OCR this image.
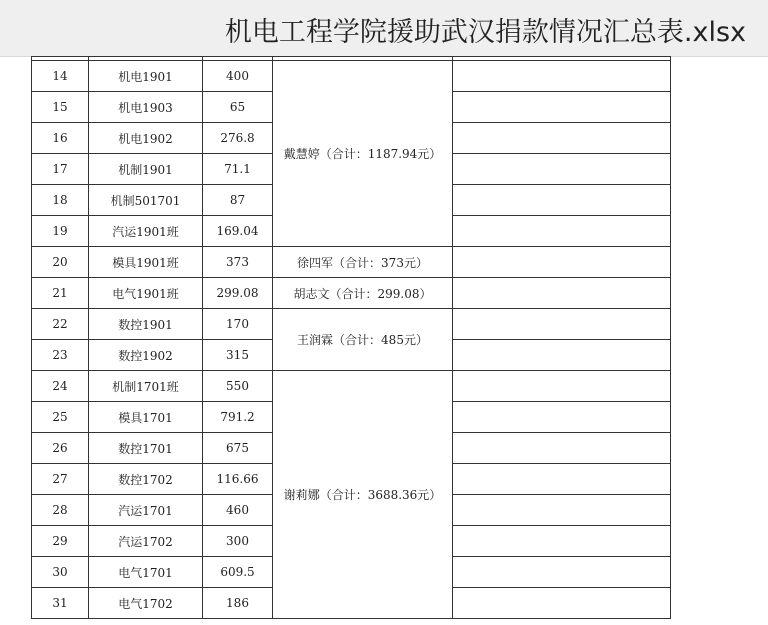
机电工程学院援助武汉捐款情况汇总表.xlsx

14	机电1901	400	戴慧婷（合计：1187.94元）	
15	机电1903	65		
16	机电1902	276.8		
17	机制1901	71.1		
18	机制501701	87		
19	汽运1901班	169.04		
20	模具1901班	373	徐四军（合计：373元）	
21	电气1901班	299.08	胡志文（合计：299.08）	
22	数控1901	170	王润霖（合计：485元）	
23	数控1902	315		
24	机制1701班	550	谢莉娜（合计：3688.36元）	
25	模具1701	791.2		
26	数控1701	675		
27	数控1702	116.66		
28	汽运1701	460		
29	汽运1702	300		
30	电气1701	609.5		
31	电气1702	186		
